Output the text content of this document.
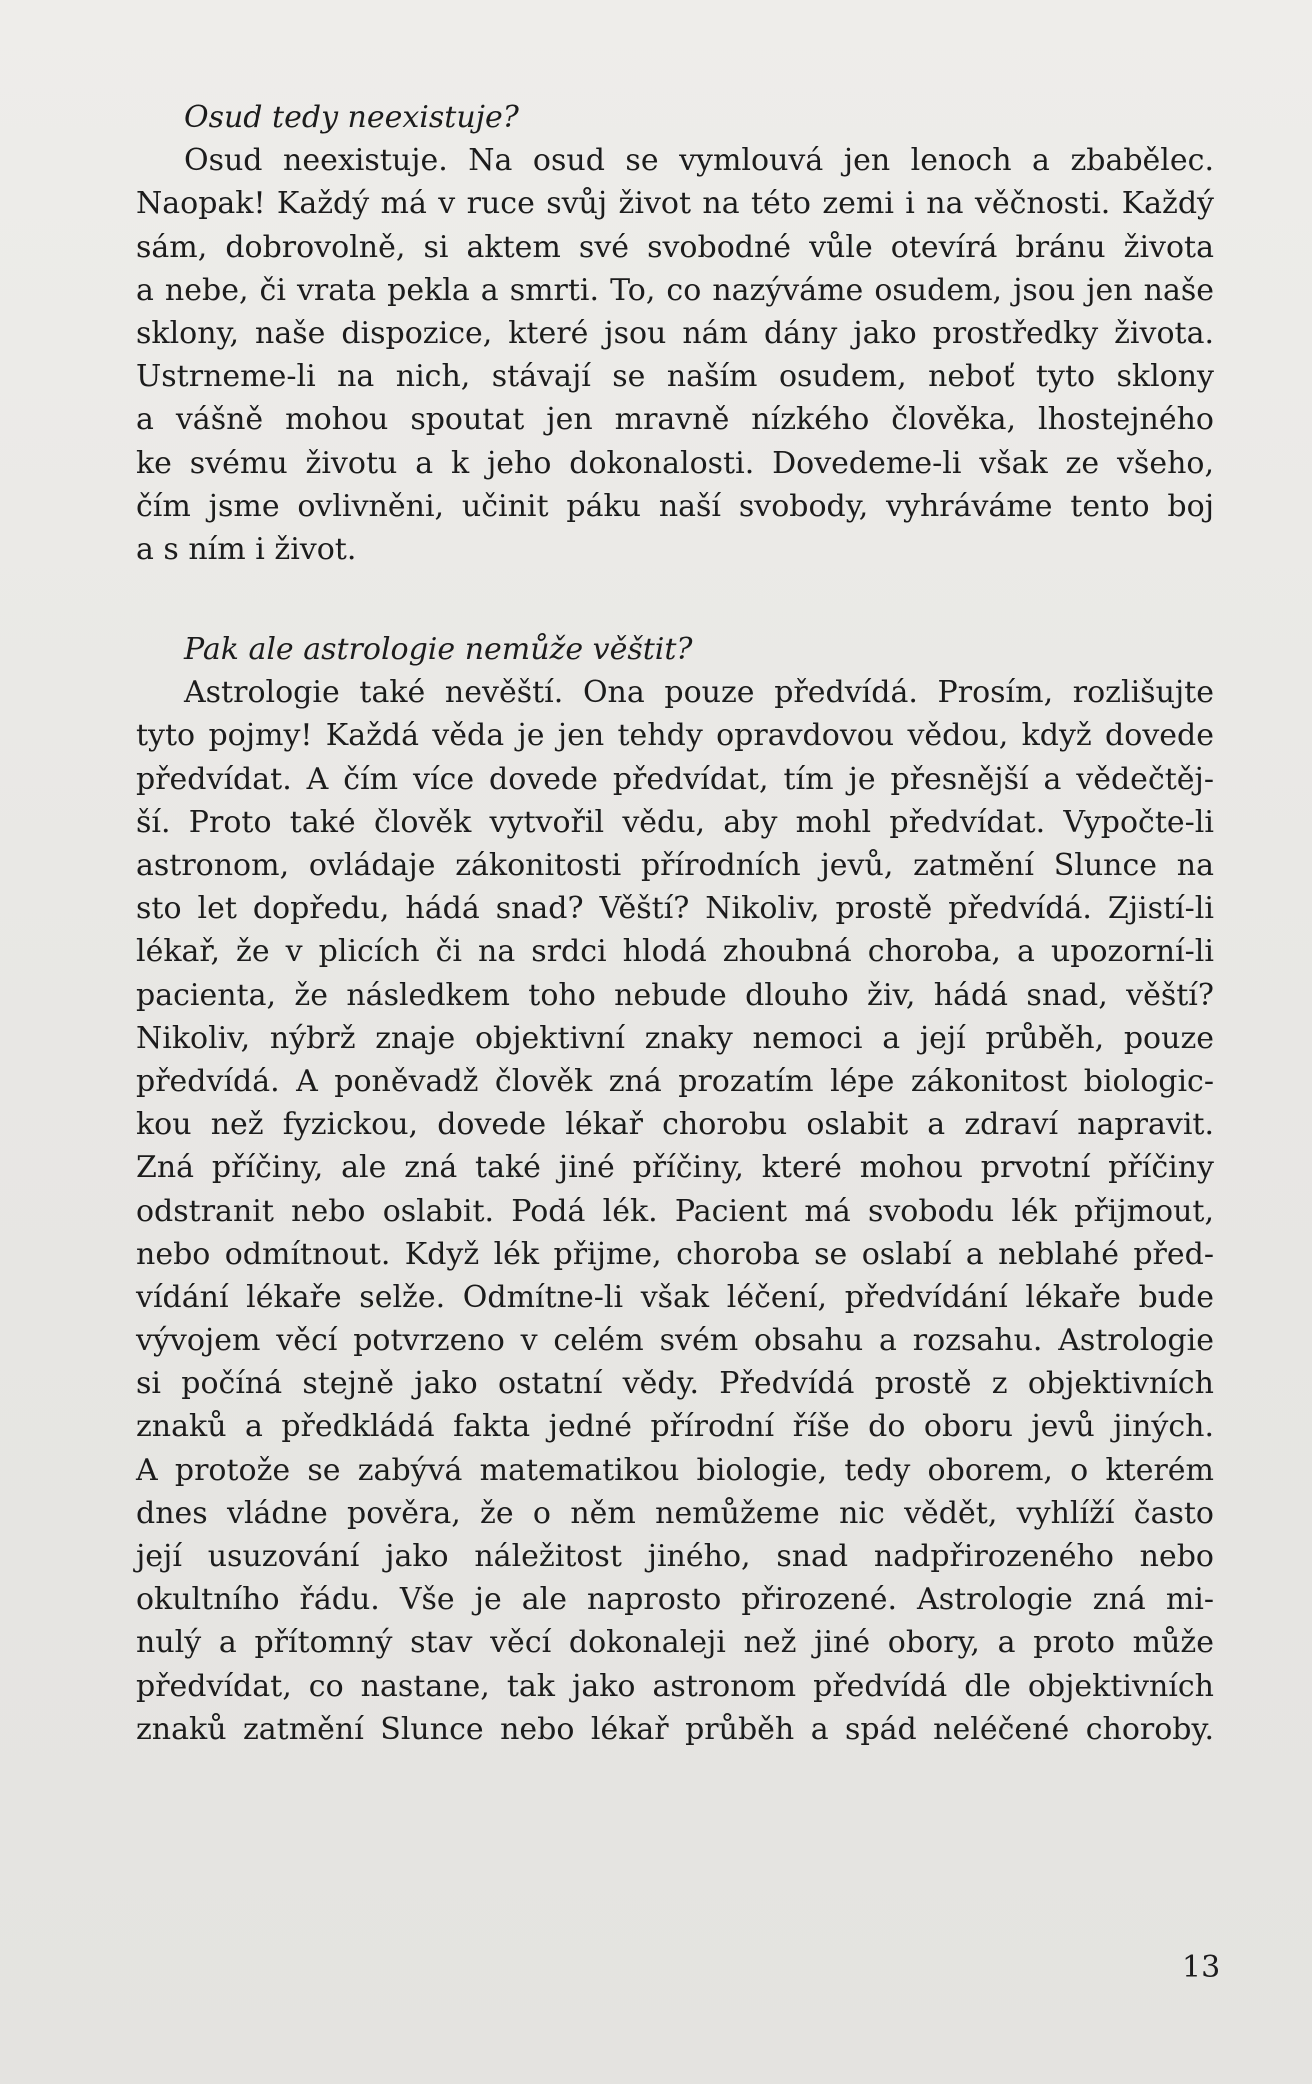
Osud tedy neexistuje?
Osud neexistuje. Na osud se vymlouvá jen lenoch a zbabělec.
Naopak! Každý má v ruce svůj život na této zemi i na věčnosti. Každý
sám, dobrovolně, si aktem své svobodné vůle otevírá bránu života
a nebe, či vrata pekla a smrti. To, co nazýváme osudem, jsou jen naše
sklony, naše dispozice, které jsou nám dány jako prostředky života.
Ustrneme-li na nich, stávají se naším osudem, neboť tyto sklony
a vášně mohou spoutat jen mravně nízkého člověka, lhostejného
ke svému životu a k jeho dokonalosti. Dovedeme-li však ze všeho,
čím jsme ovlivněni, učinit páku naší svobody, vyhráváme tento boj
a s ním i život.
Pak ale astrologie nemůže věštit?
Astrologie také nevěští. Ona pouze předvídá. Prosím, rozlišujte
tyto pojmy! Každá věda je jen tehdy opravdovou vědou, když dovede
předvídat. A čím více dovede předvídat, tím je přesnější a vědečtěj-
ší. Proto také člověk vytvořil vědu, aby mohl předvídat. Vypočte-li
astronom, ovládaje zákonitosti přírodních jevů, zatmění Slunce na
sto let dopředu, hádá snad? Věští? Nikoliv, prostě předvídá. Zjistí-li
lékař, že v plicích či na srdci hlodá zhoubná choroba, a upozorní-li
pacienta, že následkem toho nebude dlouho živ, hádá snad, věští?
Nikoliv, nýbrž znaje objektivní znaky nemoci a její průběh, pouze
předvídá. A poněvadž člověk zná prozatím lépe zákonitost biologic-
kou než fyzickou, dovede lékař chorobu oslabit a zdraví napravit.
Zná příčiny, ale zná také jiné příčiny, které mohou prvotní příčiny
odstranit nebo oslabit. Podá lék. Pacient má svobodu lék přijmout,
nebo odmítnout. Když lék přijme, choroba se oslabí a neblahé před-
vídání lékaře selže. Odmítne-li však léčení, předvídání lékaře bude
vývojem věcí potvrzeno v celém svém obsahu a rozsahu. Astrologie
si počíná stejně jako ostatní vědy. Předvídá prostě z objektivních
znaků a předkládá fakta jedné přírodní říše do oboru jevů jiných.
A protože se zabývá matematikou biologie, tedy oborem, o kterém
dnes vládne pověra, že o něm nemůžeme nic vědět, vyhlíží často
její usuzování jako náležitost jiného, snad nadpřirozeného nebo
okultního řádu. Vše je ale naprosto přirozené. Astrologie zná mi-
nulý a přítomný stav věcí dokonaleji než jiné obory, a proto může
předvídat, co nastane, tak jako astronom předvídá dle objektivních
znaků zatmění Slunce nebo lékař průběh a spád neléčené choroby.
13
